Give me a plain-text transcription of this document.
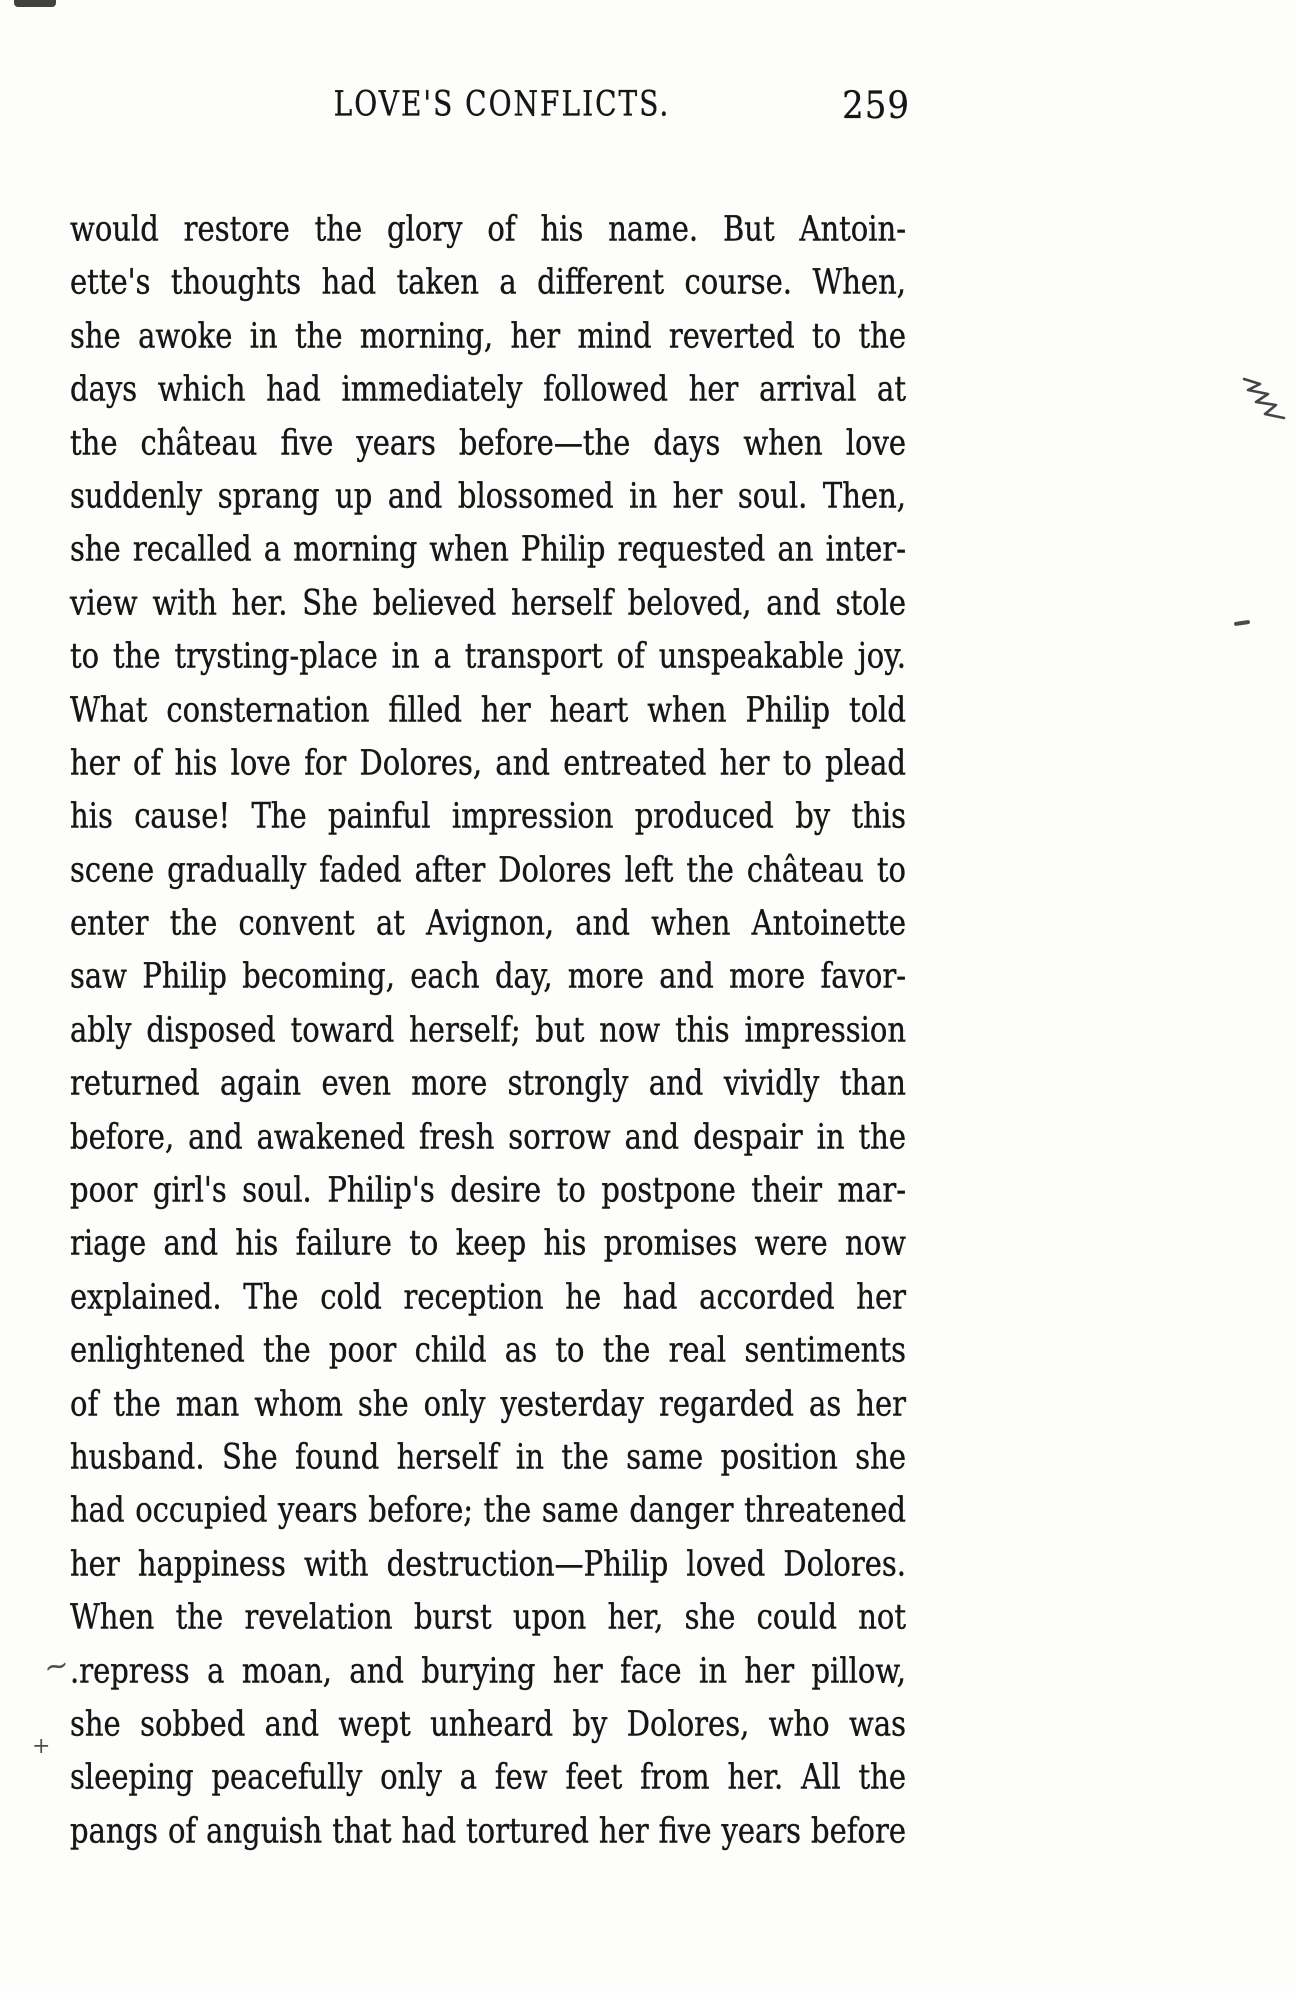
LOVE'S CONFLICTS.	259
would restore the glory of his name. But Antoin-
ette's thoughts had taken a different course. When,
she awoke in the morning, her mind reverted to the
days which had immediately followed her arrival at
the château five years before—the days when love
suddenly sprang up and blossomed in her soul. Then,
she recalled a morning when Philip requested an inter-
view with her. She believed herself beloved, and stole
to the trysting-place in a transport of unspeakable joy.
What consternation filled her heart when Philip told
her of his love for Dolores, and entreated her to plead
his cause! The painful impression produced by this
scene gradually faded after Dolores left the château to
enter the convent at Avignon, and when Antoinette
saw Philip becoming, each day, more and more favor-
ably disposed toward herself; but now this impression
returned again even more strongly and vividly than
before, and awakened fresh sorrow and despair in the
poor girl's soul. Philip's desire to postpone their mar-
riage and his failure to keep his promises were now
explained. The cold reception he had accorded her
enlightened the poor child as to the real sentiments
of the man whom she only yesterday regarded as her
husband. She found herself in the same position she
had occupied years before; the same danger threatened
her happiness with destruction—Philip loved Dolores.
When the revelation burst upon her, she could not
.repress a moan, and burying her face in her pillow,
she sobbed and wept unheard by Dolores, who was
sleeping peacefully only a few feet from her. All the
pangs of anguish that had tortured her five years before
~
+
